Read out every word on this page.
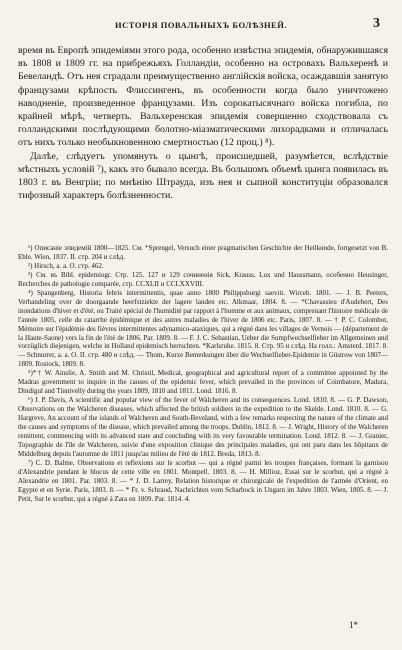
ИСТОРІЯ ПОВАЛЬНЫХЪ БОЛѢЗНЕЙ.	3

время въ Европѣ эпидеміями этого рода, особенно извѣстна эпидемія, обнаружившаяся въ 1808 и 1809 гг. на прибрежьяхъ Голландіи, особенно на островахъ Вальхеренѣ и Бевеландѣ. Отъ нея страдали преимущественно англійскія войска, осаждавшія занятую французами крѣпость Флиссингенъ, въ особенности когда было уничтожено наводненіе, произведенное французами. Изъ сорокатысячнаго войска погибла, по крайней мѣрѣ, четверть. Вальхеренская эпидемія совершенно сходствовала съ голландскими послѣдующими болотно-міазматическими лихорадками и отличалась отъ нихъ только необыкновенною смертностью (12 проц.) ⁸).

Далѣе, слѣдуетъ упомянуть о цынгѣ, происшедшей, разумѣется, вслѣдствіе мѣстныхъ условій ⁷), какъ это бывало всегда. Въ большомъ объемѣ цынга появилась въ 1803 г. въ Венгріи; по мнѣнію Штрауда, изъ нея и сыпной конституціи образовался тифозный характеръ болѣзненности.

¹) Описаніе эпидемій 1800—1825. См. *Sprengel, Versuch einer pragmatischen Geschichte der Heilkunde, fortgesetzt von B. Eble. Wien, 1837. II. стр. 204 и слѣд.

²) Hirsch, а. а. O. стр. 462.

³) См. въ Bibl. epidemiogr. Стр. 125. 127 и 129 сочиненія Sick, Krauss, Lux und Haussmann, особенно Heusinger, Recherches de pathologie comparée, стр. CCXLII и CCLXXVIII.

⁴) Spangenberg, Historia febris intermittentis, quae anno 1800 Philippsburgi saeviit. Wirceb. 1801. — J. B. Peeters, Verhandeling over de doorgaande heerfstziekte der lagere landen etc. Alkmaar, 1804. 8. — *Chavassieu d'Audebert, Des inondations d'hiver et d'été, ou Traité spécial de l'humidité par rapport à l'homme et aux animaux, comprenant l'histoire médicale de l'année 1805, celle du catarrhe épidémique et des autres maladies de l'hiver de 1806 etc. Paris, 1807. 8. — † P. C. Colombot, Mémoire sur l'épidémie des fièvres intermittentes adynamico-ataxiques, qui a régné dans les villages de Vernois — (département de la Haute-Saone) vers la fin de l'été de 1806. Par. 1809. 8. — F. J. C. Sebastian, Ueber die Sumpfwechselfieber im Allgemeinen und vorzüglich diejenigen, welche in Holland epidemisch herrschten. *Karlsruhe. 1815. 8. Стр. 95 и слѣд. На голл.: Amsterd. 1817. 8. — Schnurrer, а. а. O. II. стр. 480 и слѣд. — Thom, Kurze Bemerkungen über die Wechselfieber-Epidemie in Güstrow von 1807—1809. Rostock, 1809. 8.

⁵)*† W. Ainslie, A. Smith and M. Christil, Medical, geographical and agricultural report of a committee appointed by the Madras government to inquire in the causes of the epidemic fever, which prevailed in the provinces of Coimbatore, Madura, Dindigul and Tinnivelly during the years 1809, 1810 and 1811. Lond. 1816. 8.

⁶) J. P. Davis, A scientific and popular view of the fever of Walcheren and its consequences. Lond. 1810. 8. — G. P. Dawson, Observations on the Walcheren diseases, which affected the british soldiers in the expedition to the Skelde. Lond. 1810. 8. — G. Hargreve, An account of the islands of Walcheren and South-Beveland, with a few remarks respecting the nature of the climate and the causes and symptoms of the disease, which prevailed among the troops. Dublin, 1812. 8. — J. Wright, History of the Walcheren remittent, commencing with its advanced state and concluding with its very favourable termination. Lond. 1812. 8. — J. Granier, Topographie de l'île de Walcheren, suivie d'une exposition clinique des principales maladies, qui ont paru dans les hôpitaux de Middelburg depuis l'automne de 1811 jusqu'au milieu de l'été de 1812. Breda, 1813. 8.

⁷) C. D. Balme, Observations et reflexions sur le scorbut — qui a régné parmi les troupes françaises, formant la garnison d'Alexandrie pendant le blocus de cette ville en 1801. Montpell. 1803. 8. — H. Millioz, Essai sur le scorbut, qui a régné à Alexandrie en 1801. Par. 1803. 8. — * J. D. Larrey, Relation historique et chirurgicale de l'expedition de l'armée d'Orient, en Egypte et en Syrie. Paris, 1803. 8. — * Fr. v. Schraud, Nachrichten vom Scharbock in Ungarn im Jahre 1803. Wien, 1805. 8. — J. Petit, Sur le scorbut, qui a régné à Zara en 1809. Par. 1814. 4.

1*
